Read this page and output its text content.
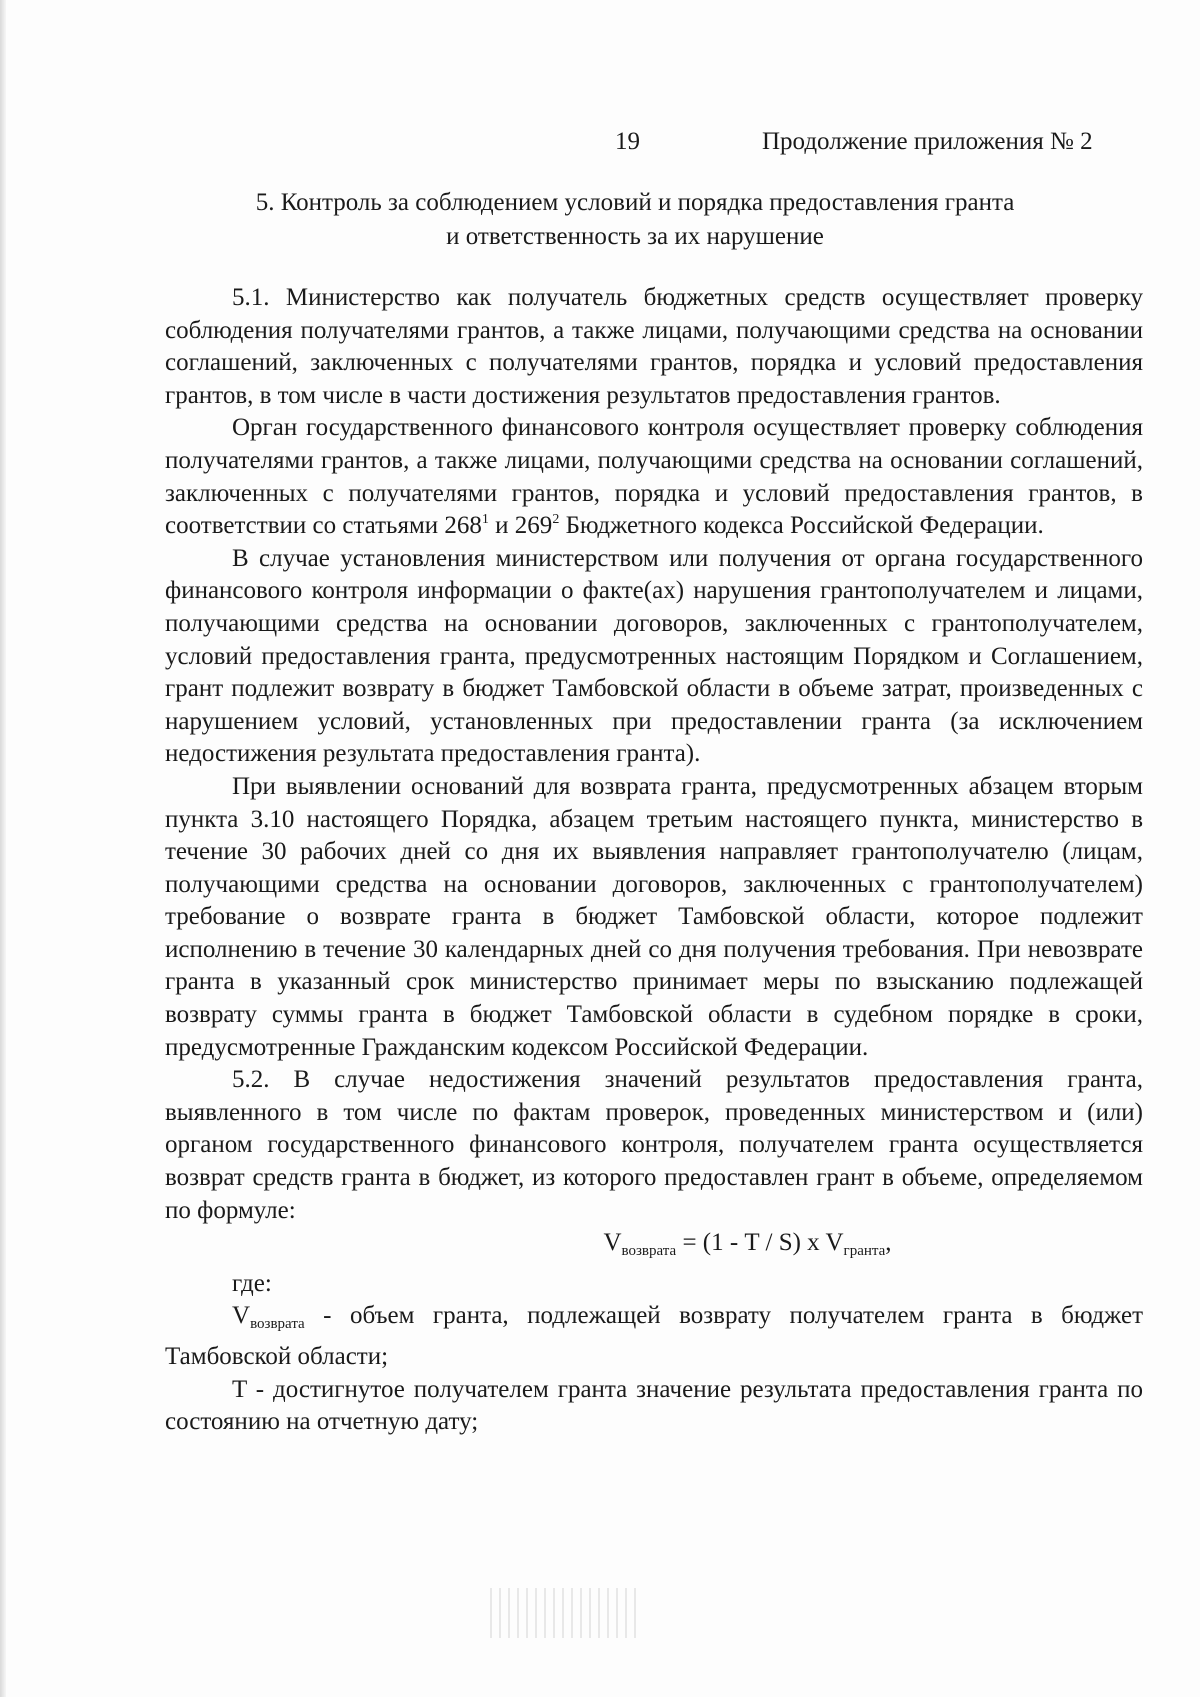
19	Продолжение приложения № 2
5. Контроль за соблюдением условий и порядка предоставления гранта
и ответственность за их нарушение

5.1. Министерство как получатель бюджетных средств осуществляет проверку соблюдения получателями грантов, а также лицами, получающими средства на основании соглашений, заключенных с получателями грантов, порядка и условий предоставления грантов, в том числе в части достижения результатов предоставления грантов.

Орган государственного финансового контроля осуществляет проверку соблюдения получателями грантов, а также лицами, получающими средства на основании соглашений, заключенных с получателями грантов, порядка и условий предоставления грантов, в соответствии со статьями $268^1$ и $269^2$ Бюджетного кодекса Российской Федерации.

В случае установления министерством или получения от органа государственного финансового контроля информации о факте(ах) нарушения грантополучателем и лицами, получающими средства на основании договоров, заключенных с грантополучателем, условий предоставления гранта, предусмотренных настоящим Порядком и Соглашением, грант подлежит возврату в бюджет Тамбовской области в объеме затрат, произведенных с нарушением условий, установленных при предоставлении гранта (за исключением недостижения результата предоставления гранта).

При выявлении оснований для возврата гранта, предусмотренных абзацем вторым пункта 3.10 настоящего Порядка, абзацем третьим настоящего пункта, министерство в течение 30 рабочих дней со дня их выявления направляет грантополучателю (лицам, получающими средства на основании договоров, заключенных с грантополучателем) требование о возврате гранта в бюджет Тамбовской области, которое подлежит исполнению в течение 30 календарных дней со дня получения требования. При невозврате гранта в указанный срок министерство принимает меры по взысканию подлежащей возврату суммы гранта в бюджет Тамбовской области в судебном порядке в сроки, предусмотренные Гражданским кодексом Российской Федерации.

5.2. В случае недостижения значений результатов предоставления гранта, выявленного в том числе по фактам проверок, проведенных министерством и (или) органом государственного финансового контроля, получателем гранта осуществляется возврат средств гранта в бюджет, из которого предоставлен грант в объеме, определяемом по формуле:

$V_{возврата} = (1 - T / S)$ x $V_{гранта}$,

где:

$V_{возврата}$ - объем гранта, подлежащей возврату получателем гранта в бюджет Тамбовской области;

T - достигнутое получателем гранта значение результата предоставления гранта по состоянию на отчетную дату;
